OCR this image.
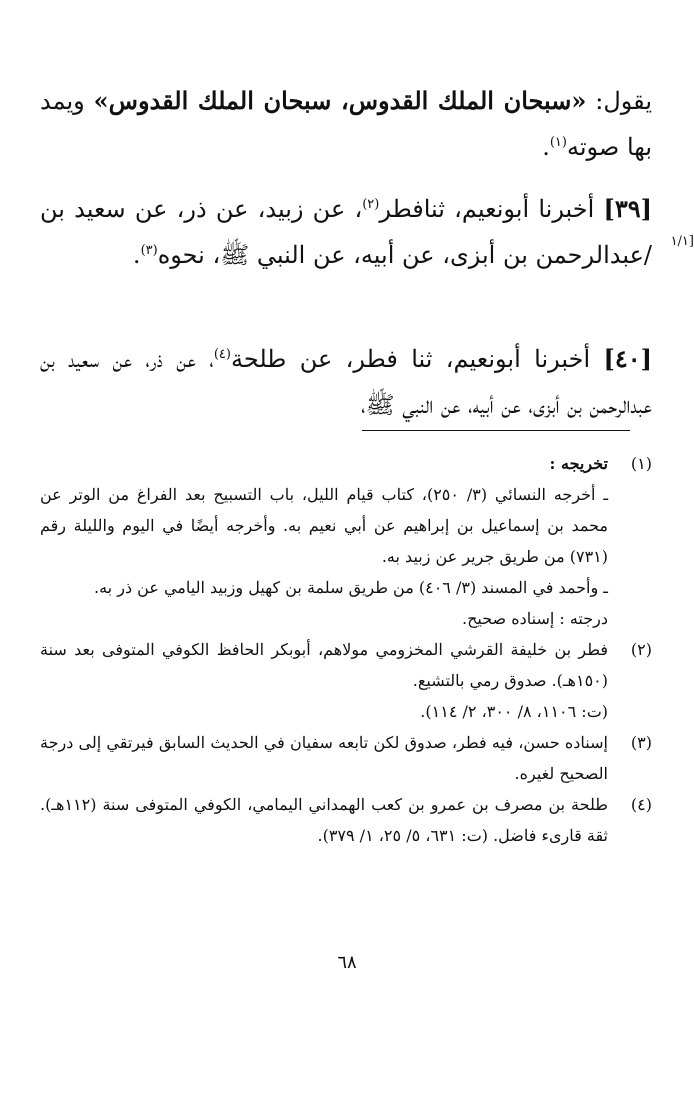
يقول: «سبحان الملك القدوس، سبحان الملك القدوس» ويمد بها صوته$^{(١)}$.
[٣٩] أخبرنا أبونعيم، ثنافطر$^{(٢)}$، عن زبيد، عن ذر، عن سعيد بن /عبدالرحمن بن أبزى، عن أبيه، عن النبي ﷺ، نحوه$^{(٣)}$.	[١/١
[٤٠] أخبرنا أبونعيم، ثنا فطر، عن طلحة$^{(٤)}$، عن ذر، عن سعيد بن عبدالرحمن بن أبزى، عن أبيه، عن النبي ﷺ،
(١)
تخريجه :
ـ أخرجه النسائي (٣/ ٢٥٠)، كتاب قيام الليل، باب التسبيح بعد الفراغ من الوتر عن محمد بن إسماعيل بن إبراهيم عن أبي نعيم به. وأخرجه أيضًا في اليوم والليلة رقم (٧٣١) من طريق جرير عن زبيد به.
ـ وأحمد في المسند (٣/ ٤٠٦) من طريق سلمة بن كهيل وزبيد اليامي عن ذر به.
درجته : إسناده صحيح.
(٢)
فطر بن خليفة القرشي المخزومي مولاهم، أبوبكر الحافظ الكوفي المتوفى بعد سنة (١٥٠هـ). صدوق رمي بالتشيع.
(ت: ١١٠٦، ٨/ ٣٠٠، ٢/ ١١٤).
(٣)
إسناده حسن، فيه فطر، صدوق لكن تابعه سفيان في الحديث السابق فيرتقي إلى درجة الصحيح لغيره.
(٤)
طلحة بن مصرف بن عمرو بن كعب الهمداني اليمامي، الكوفي المتوفى سنة (١١٢هـ). ثقة قارىء فاضل. (ت: ٦٣١، ٥/ ٢٥، ١/ ٣٧٩).
٦٨
